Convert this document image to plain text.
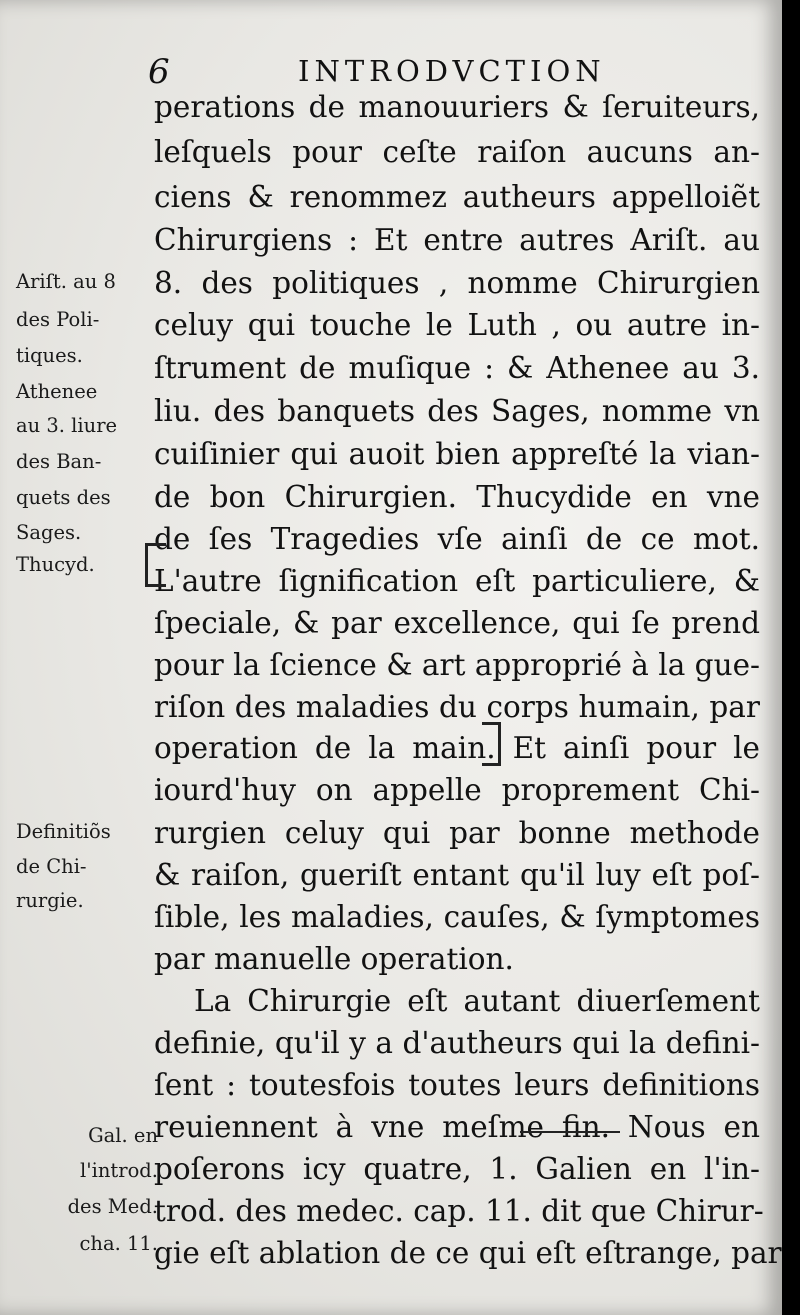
6	INTRODVCTION
perations de manouuriers & ſeruiteurs,
leſquels pour ceſte raiſon aucuns an-
ciens & renommez autheurs appelloiẽt
Chirurgiens : Et entre autres Ariſt. au
8. des politiques , nomme Chirurgien
celuy qui touche le Luth , ou autre in-
ſtrument de muſique : & Athenee au 3.
liu. des banquets des Sages, nomme vn
cuiſinier qui auoit bien appreſté la vian-
de bon Chirurgien. Thucydide en vne
de ſes Tragedies vſe ainſi de ce mot.
L'autre ſignification eſt particuliere, &
ſpeciale, & par excellence, qui ſe prend
pour la ſcience & art approprié à la gue-
riſon des maladies du corps humain, par
operation de la main. Et ainſi pour le
iourd'huy on appelle proprement Chi-
rurgien celuy qui par bonne methode
& raiſon, gueriſt entant qu'il luy eſt poſ-
ſible, les maladies, cauſes, & ſymptomes
par manuelle operation.
La Chirurgie eſt autant diuerſement
definie, qu'il y a d'autheurs qui la defini-
ſent : toutesfois toutes leurs definitions
reuiennent à vne meſme fin. Nous en
poſerons icy quatre, 1. Galien en l'in-
trod. des medec. cap. 11. dit que Chirur-
gie eſt ablation de ce qui eſt eſtrange, par
Ariſt. au 8
des Poli-
tiques.
Athenee
au 3. liure
des Ban-
quets des
Sages.
Thucyd.
Definitiõs
de Chi-
rurgie.
Gal. en
l'introd.
des Med.
cha. 11.
